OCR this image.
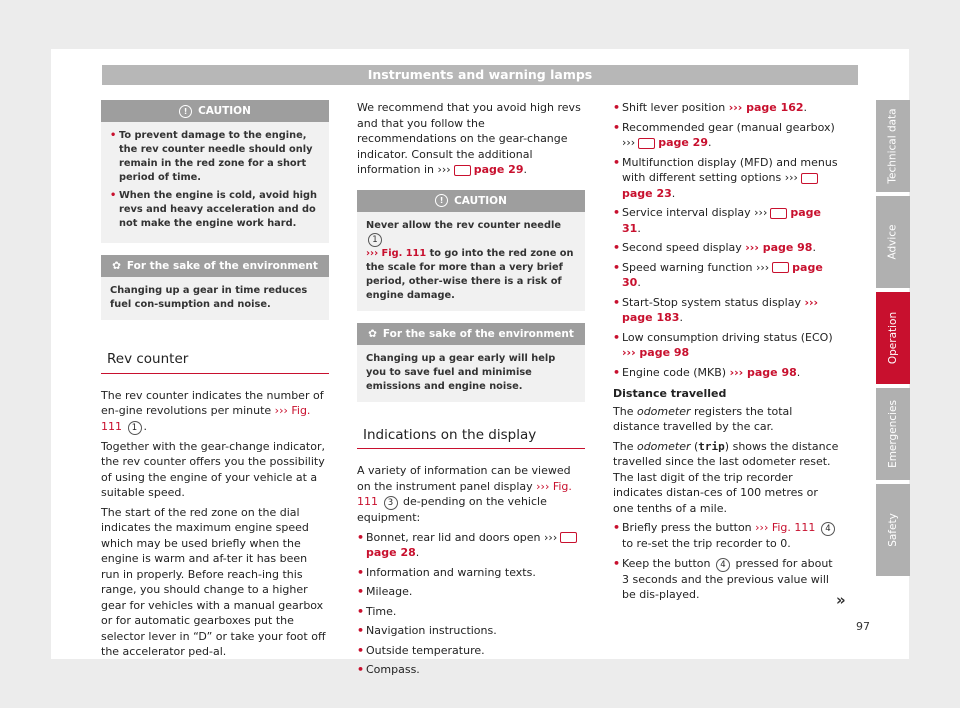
Instruments and warning lamps
!	CAUTION
• To prevent damage to the engine, the rev counter needle should only remain in the red zone for a short period of time.
• When the engine is cold, avoid high revs and heavy acceleration and do not make the engine work hard.
✿ For the sake of the environment

Changing up a gear in time reduces fuel con-sumption and noise.

Rev counter

The rev counter indicates the number of en-gine revolutions per minute ››› Fig. 111 1 .

Together with the gear-change indicator, the rev counter offers you the possibility of using the engine of your vehicle at a suitable speed.

The start of the red zone on the dial indicates the maximum engine speed which may be used briefly when the engine is warm and af-ter it has been run in properly. Before reach-ing this range, you should change to a higher gear for vehicles with a manual gearbox or for automatic gearboxes put the selector lever in “D” or take your foot off the accelerator ped-al.

We recommend that you avoid high revs and that you follow the recommendations on the gear-change indicator. Consult the additional information in ››› page 29.

!	CAUTION

Never allow the rev counter needle 1
››› Fig. 111 to go into the red zone on the scale for more than a very brief period, other-wise there is a risk of engine damage.

✿ For the sake of the environment

Changing up a gear early will help you to save fuel and minimise emissions and engine noise.

Indications on the display

A variety of information can be viewed on the instrument panel display ››› Fig. 111 3 de-pending on the vehicle equipment:

• Bonnet, rear lid and doors open ›››page 28.
• Information and warning texts.
• Mileage.
• Time.
• Navigation instructions.
• Outside temperature.
• Compass.
• Shift lever position ››› page 162.
• Recommended gear (manual gearbox) ››› page 29.
• Multifunction display (MFD) and menus with different setting options ›››page 23.
• Service interval display ››› page 31.
• Second speed display ››› page 98.
• Speed warning function ››› page 30.
• Start-Stop system status display ››› page 183.
• Low consumption driving status (ECO) ››› page 98
• Engine code (MKB) ››› page 98.
Distance travelled

The odometer registers the total distance travelled by the car.

The odometer (trip) shows the distance travelled since the last odometer reset. The last digit of the trip recorder indicates distan-ces of 100 metres or one tenths of a mile.

• Briefly press the button ››› Fig. 111 4 to re-set the trip recorder to 0.
• Keep the button 4 pressed for about 3 seconds and the previous value will be dis-played.	»
97
Technical data
Advice
Operation
Emergencies
Safety
